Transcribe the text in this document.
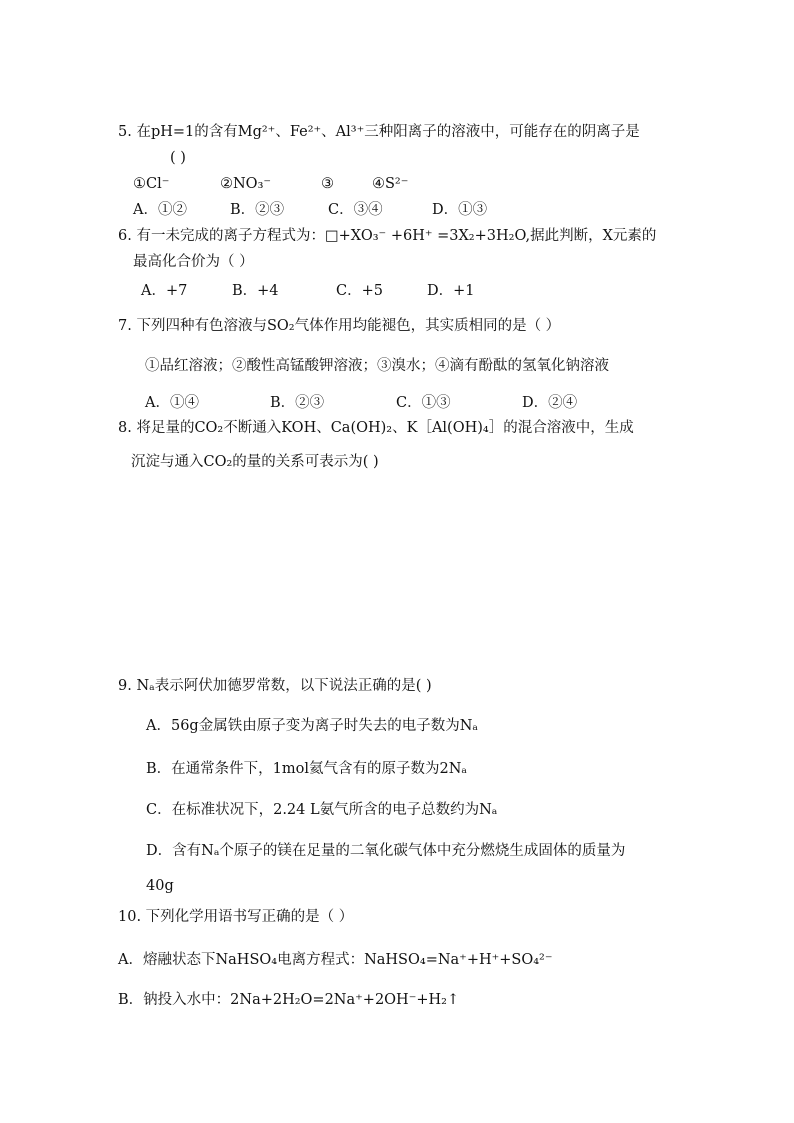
5. 在pH=1的含有Mg²⁺、Fe²⁺、Al³⁺三种阳离子的溶液中，可能存在的阴离子是
( )
①Cl⁻	②NO₃⁻	③	④S²⁻
A．①②	B．②③	C．③④	D．①③
6. 有一未完成的离子方程式为：□+XO₃⁻ +6H⁺ =3X₂+3H₂O,据此判断，X元素的
最高化合价为（ ）
A．+7	B．+4	C．+5	D．+1
7. 下列四种有色溶液与SO₂气体作用均能褪色，其实质相同的是（ ）
①品红溶液；②酸性高锰酸钾溶液；③溴水；④滴有酚酞的氢氧化钠溶液
A．①④	B．②③	C．①③	D．②④
8. 将足量的CO₂不断通入KOH、Ca(OH)₂、K［Al(OH)₄］的混合溶液中，生成
沉淀与通入CO₂的量的关系可表示为( )
9. Nₐ表示阿伏加德罗常数，以下说法正确的是( )
A．56g金属铁由原子变为离子时失去的电子数为Nₐ
B．在通常条件下，1mol氦气含有的原子数为2Nₐ
C．在标准状况下，2.24 L氨气所含的电子总数约为Nₐ
D．含有Nₐ个原子的镁在足量的二氧化碳气体中充分燃烧生成固体的质量为
40g
10. 下列化学用语书写正确的是（ ）
A．熔融状态下NaHSO₄电离方程式：NaHSO₄=Na⁺+H⁺+SO₄²⁻
B．钠投入水中：2Na+2H₂O=2Na⁺+2OH⁻+H₂↑
